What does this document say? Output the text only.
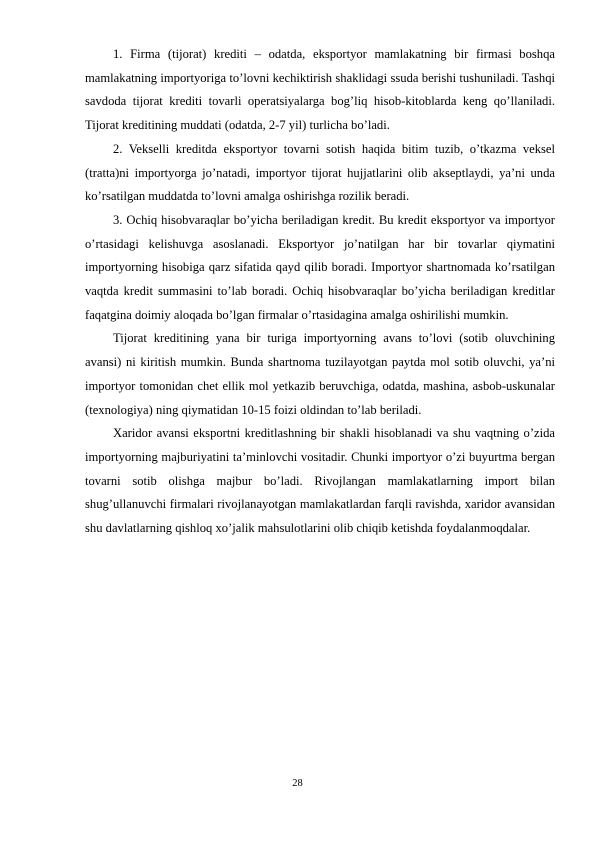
1. Firma (tijorat) krediti – odatda, eksportyor mamlakatning bir firmasi boshqa mamlakatning importyoriga to’lovni kechiktirish shaklidagi ssuda berishi tushuniladi. Tashqi savdoda tijorat krediti tovarli operatsiyalarga bog’liq hisob-kitoblarda keng qo’llaniladi. Tijorat kreditining muddati (odatda, 2-7 yil) turlicha bo’ladi.

2. Vekselli kreditda eksportyor tovarni sotish haqida bitim tuzib, o’tkazma veksel (tratta)ni importyorga jo’natadi, importyor tijorat hujjatlarini olib akseptlaydi, ya’ni unda ko’rsatilgan muddatda to’lovni amalga oshirishga rozilik beradi.

3. Ochiq hisobvaraqlar bo’yicha beriladigan kredit. Bu kredit eksportyor va importyor o’rtasidagi kelishuvga asoslanadi. Eksportyor jo’natilgan har bir tovarlar qiymatini importyorning hisobiga qarz sifatida qayd qilib boradi. Importyor shartnomada ko’rsatilgan vaqtda kredit summasini to’lab boradi. Ochiq hisobvaraqlar bo’yicha beriladigan kreditlar faqatgina doimiy aloqada bo’lgan firmalar o’rtasidagina amalga oshirilishi mumkin.

Tijorat kreditining yana bir turiga importyorning avans to’lovi (sotib oluvchining avansi) ni kiritish mumkin. Bunda shartnoma tuzilayotgan paytda mol sotib oluvchi, ya’ni importyor tomonidan chet ellik mol yetkazib beruvchiga, odatda, mashina, asbob-uskunalar (texnologiya) ning qiymatidan 10-15 foizi oldindan to’lab beriladi.

Xaridor avansi eksportni kreditlashning bir shakli hisoblanadi va shu vaqtning o’zida importyorning majburiyatini ta’minlovchi vositadir. Chunki importyor o’zi buyurtma bergan tovarni sotib olishga majbur bo’ladi. Rivojlangan mamlakatlarning import bilan shug’ullanuvchi firmalari rivojlanayotgan mamlakatlardan farqli ravishda, xaridor avansidan shu davlatlarning qishloq xo’jalik mahsulotlarini olib chiqib ketishda foydalanmoqdalar.

28
